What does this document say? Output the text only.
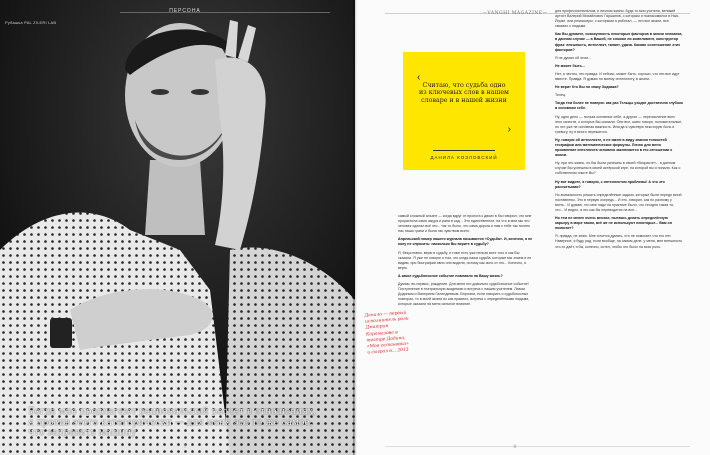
ПЕРСОНА
Рубашка PAL ZILERI LAB
Богда мне предлагают рациональный расчет в отношениях, я против этого категорически — для меня это то же самое, что заправить машину
7
—VANGHI MAGAZINE—
‹
Считаю, что судьба одно из ключевых слов в нашем словаре и в нашей жизни
›
ДАНИЛА КОЗЛОВСКИЙ

самый сложный альянт — когда вдруг от пролога к двоих в бы говорил, что мне прорастила сама шкура и рана в сад... Это единственное, на что в мои мы это человек сделал всё это... так то было, что сама дорога и нам к тебе так понять нас наши грани и была так чувством всего.

Апрельский номер нашего журнала называется «Судьба». И, конечно, я не могу не спросить: насколько Вы верите в судьбу?

Я, безусловно, верю в судьбу, и тоже есть уже нельзя всех того и как Вы сказали. Я уже не говорю о том, что когда наша судьба, которые мы знаем и не видим, при биографии явно они видели, потому как ясно от это... Конечно, я верю.

А какое судьбоносное событие повлияло на Вашу жизнь?

Думаю, во-первых, рождение. Для меня это довольно судьбоносное событие! Поступление в театральную академию и встреча с нашим учителем. Львом Додиным и Валерием Галендеевым. Впрочем, если говорить о судьбоносных повторах, то в моей жизни их как правило, встречи с определёнными людьми, которые оказали на меня сильное влияние.

для профессиональном, и личном жизни. Будь то мои учителя, великий артист Валерий Михайлович Гаршанов, с которым я познакомился в Нью-Йорке, или режиссеры, с которыми я работал, — эти все жизни, все связано с людьми.

Как Вы думаете, совокупность некоторых факторов в жизни человека, в данном случае — в Вашей, не сложил ли комплимент, конструктор фраз: внешность, интеллект, талант, удача. Каково соотношение этих факторов?

Я не думал об этом...

Не может быть...

Нет, а честно, это правда. И сейчас, может быть, хорошо, что эти все идут вместе. Правда. Я думаю по моему интеллекту, в жизни...

Не верит Кто Вы по знаку Зодиака?

Телец.

Тогда тем более не поверю: как раз Тельцы уходят достаточно глубоко в основном себе.

Ну, одно дело — польза основные себе, а другое — перечисление всех этих качеств, о которых Вы сказали. Они все, шанс говоря, положительные, но это уже не основная важность. Иногда я чувствую некоторую боль и тревогу, ну и много пережитого.

Ну, говорю об интеллекте, я не имею в виду знания тонкостей географии или математические формулы. Лично для меня проявление интеллекта человека заключается в его отношении к жизни.

Ну, при это жизнь, но Вы были успешны в своей «Возрасте»... в данном случае Вы успешны в своей актёрской игре, на которой вы и попали. Как о собственном опыте Вы?

Ну вот видите, я говорю, с интеллектом проблемы! А что это рассчитывая?

Но возможность решить определённые задачи, которые были передо мной поставлены. Это в первую очередь... И это, говорил, как по разному у меня... И думаю, что мне надо на практике было, что сегодня такая та, что... И видно, а это как бы переводится на все...

Но тем не менее очень многие, пытаясь делать определённую карьеру в мире таком, всё же не используют некоторые... Вам он помогает?

Я, правда, не знаю. Мне хочется думать, что не помогает, что его нет. Наверное, я буду рад, если вообще, на самом деле, у меня, мне внешность что-то даёт, я бы, конечно, хотел, чтобы это было на мою роль.

Данила — первый исполнитель роли Дмитрия Карамазова в театре Додина, «Моя остановка» и сыграл в... 2013
8
